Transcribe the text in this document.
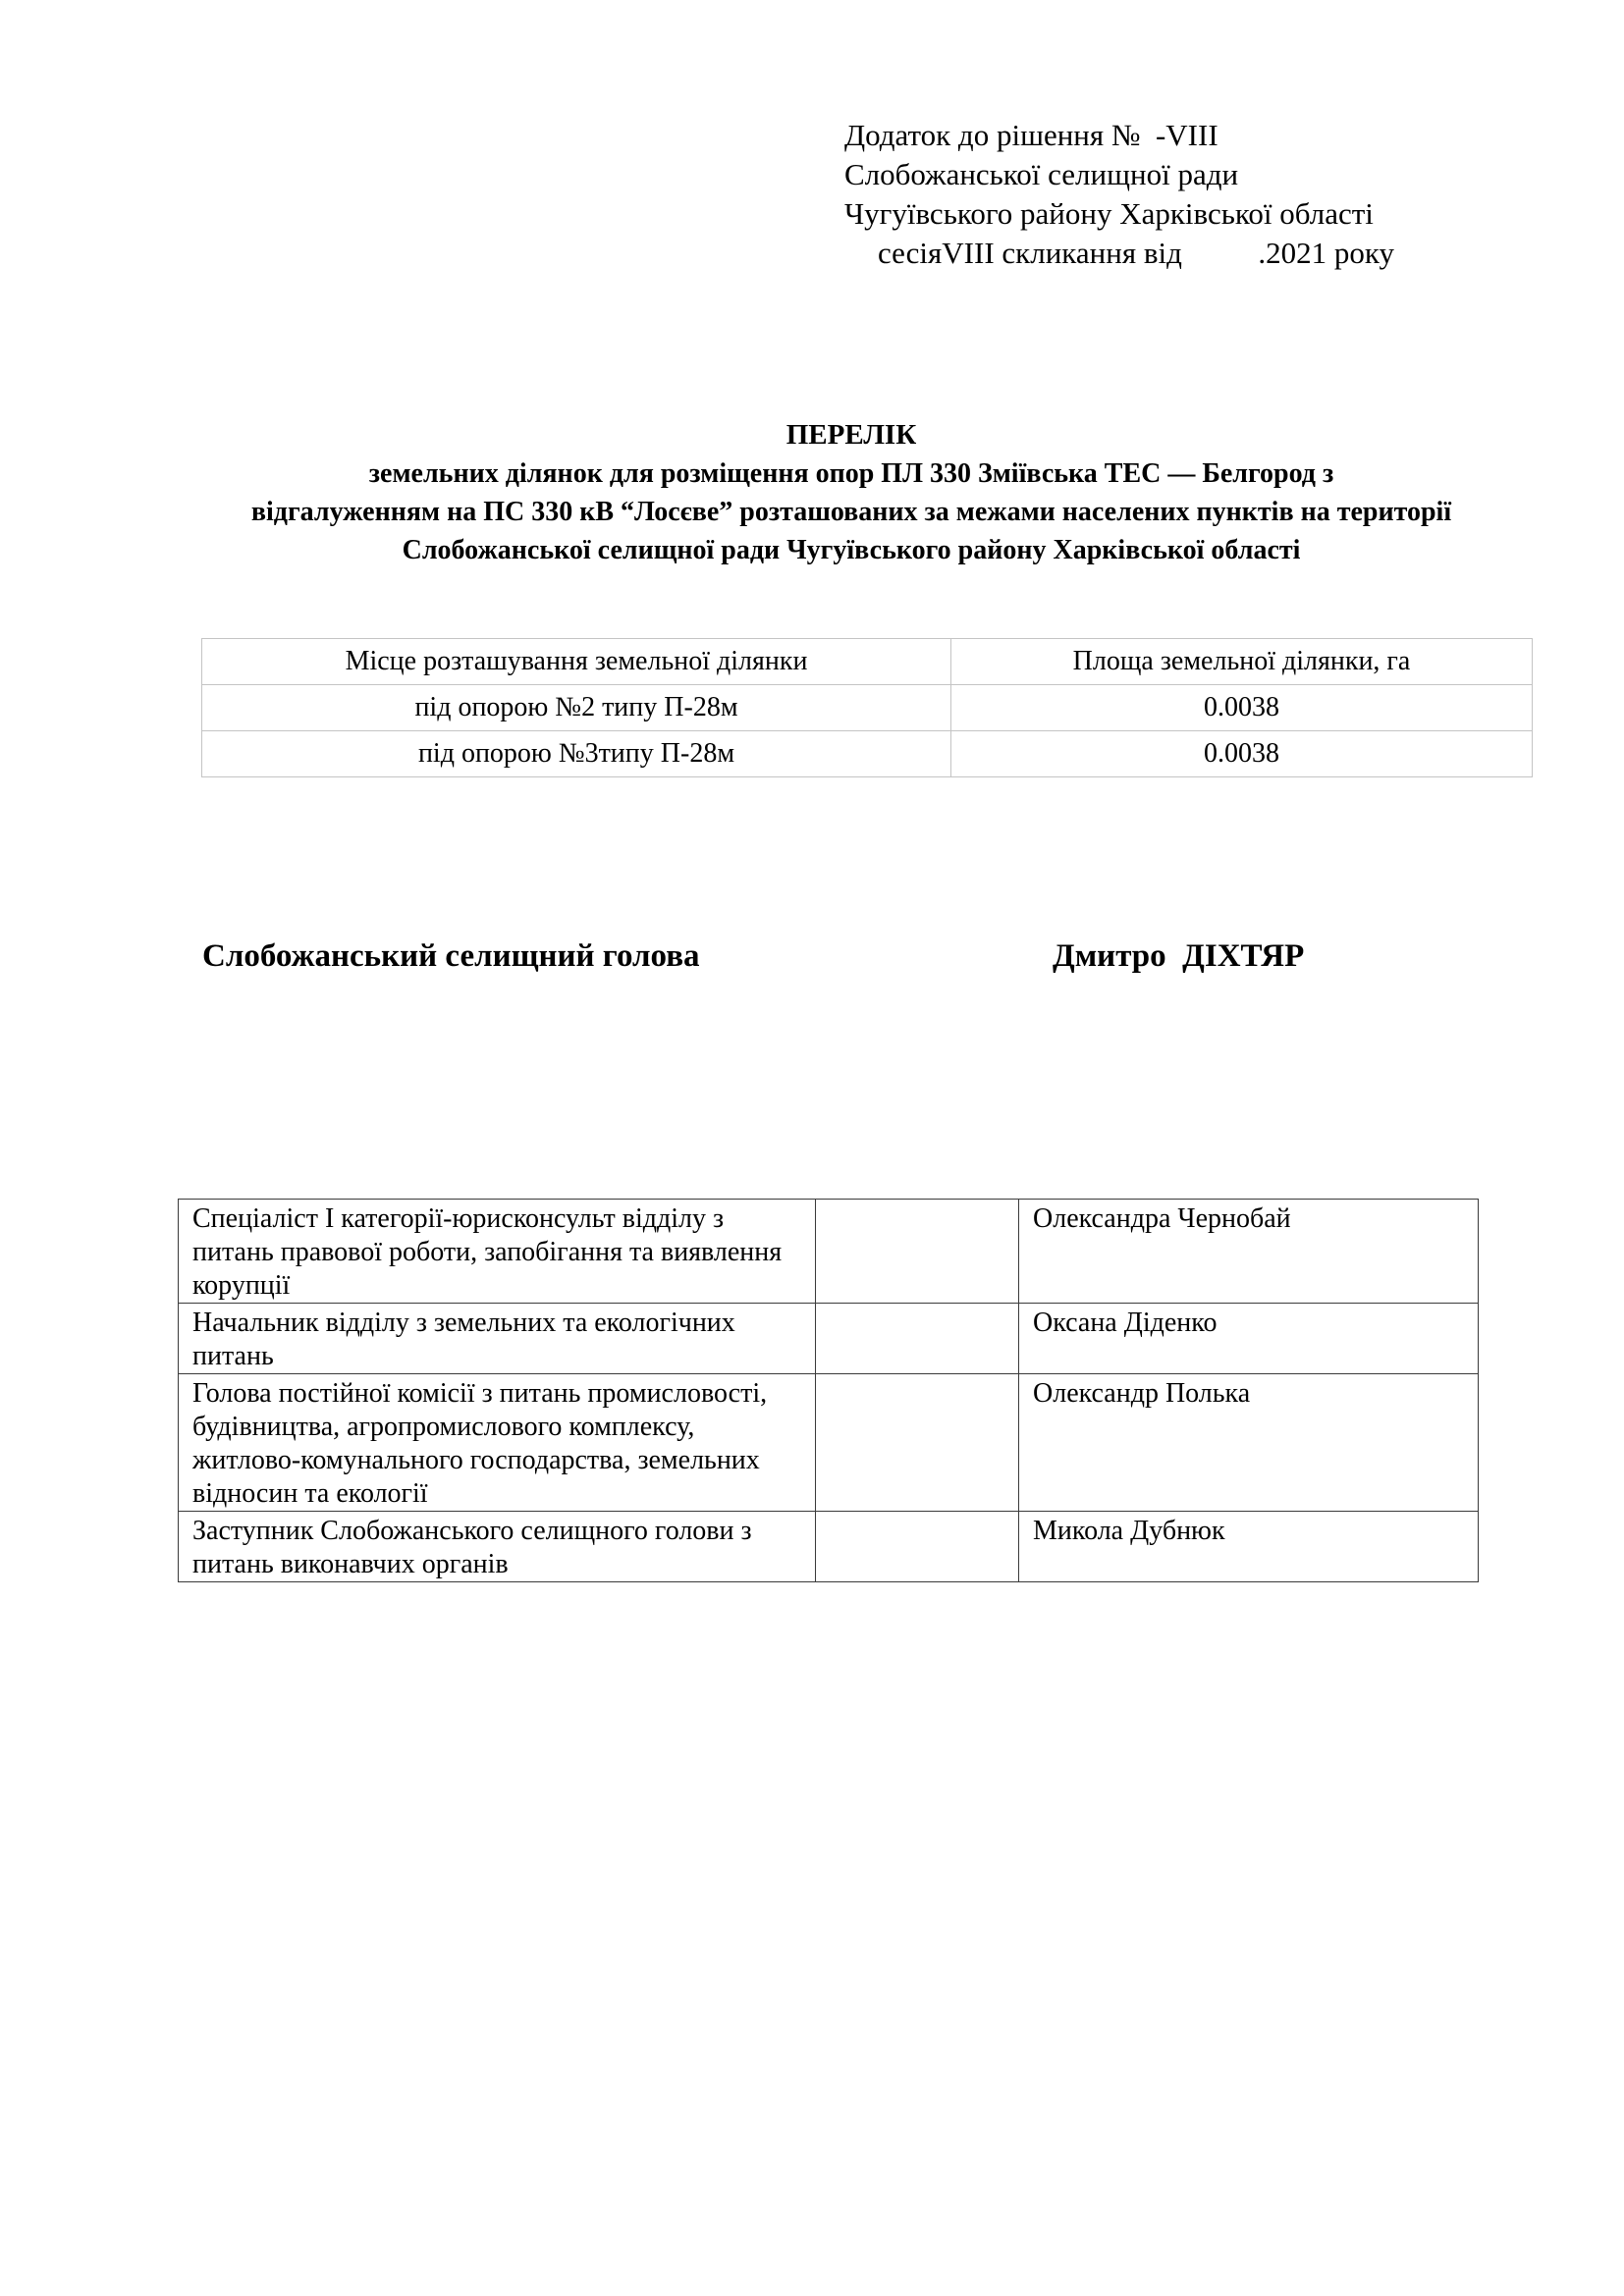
Додаток до рішення №  -VIII
Слобожанської селищної ради
Чугуївського району Харківської області
сесіяVIII скликання від          .2021 року
ПЕРЕЛІК
земельних ділянок для розміщення опор ПЛ 330 Зміївська ТЕС — Белгород з
відгалуженням на ПС 330 кВ “Лосєве” розташованих за межами населених пунктів на території
Слобожанської селищної ради Чугуївського району Харківської області
Місце розташування земельної ділянки	Площа земельної ділянки, га
під опорою №2 типу П-28м	0.0038
під опорою №3типу П-28м	0.0038
Слобожанський селищний голова	Дмитро  ДІХТЯР
Спеціаліст I категорії-юрисконсульт відділу з питань правової роботи, запобігання та виявлення корупції		Олександра Чернобай
Начальник відділу з земельних та екологічних питань		Оксана Діденко
Голова постійної комісії з питань промисловості, будівництва, агропромислового комплексу, житлово-комунального господарства, земельних відносин та екології		Олександр Полька
Заступник Слобожанського селищного голови з питань виконавчих органів		Микола Дубнюк
